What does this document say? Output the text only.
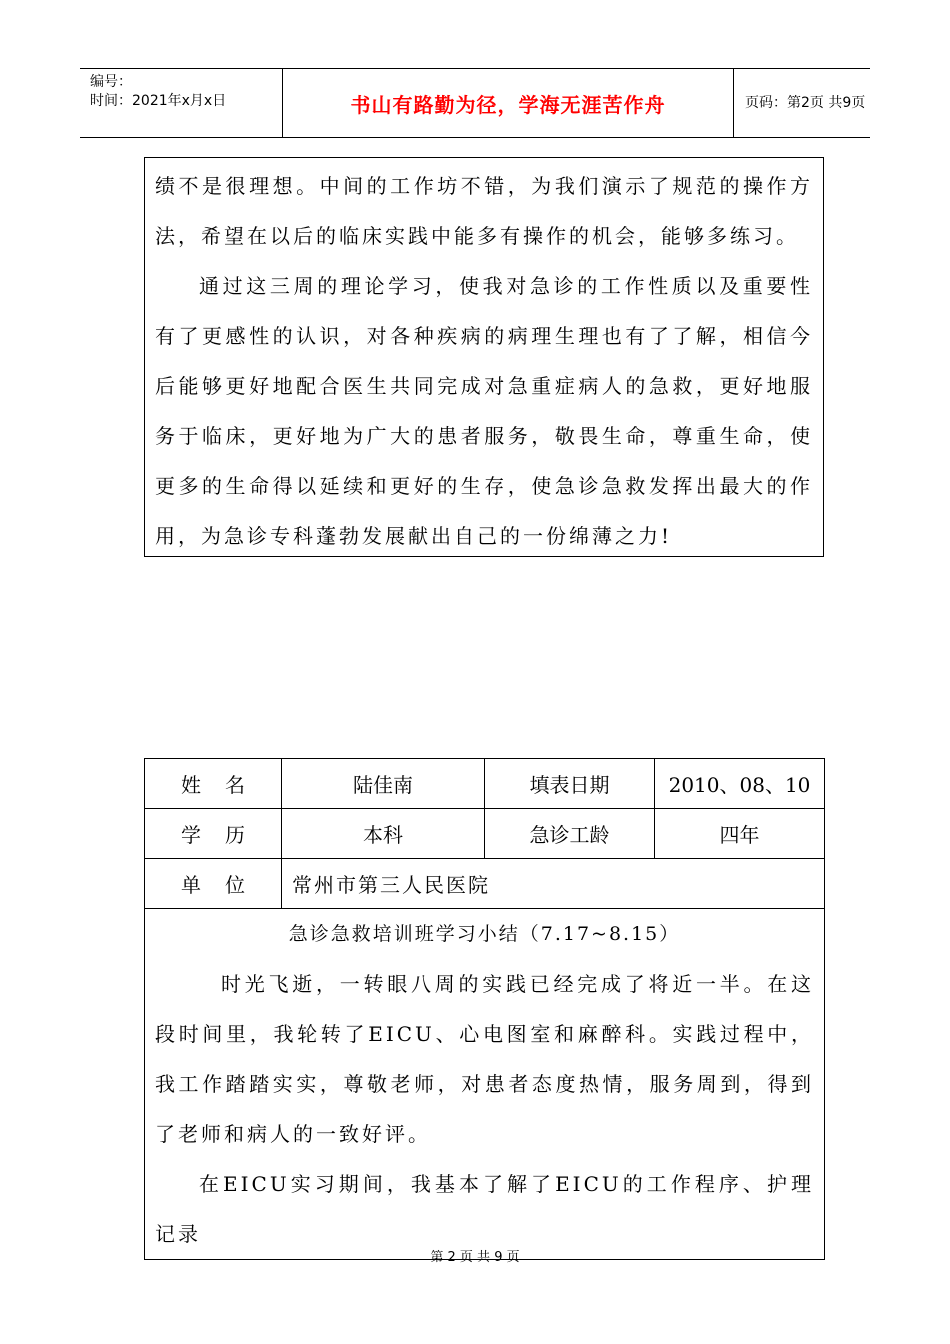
编号：
时间：2021年x月x日	书山有路勤为径，学海无涯苦作舟	页码：第2页 共9页

绩不是很理想。中间的工作坊不错，为我们演示了规范的操作方法，希望在以后的临床实践中能多有操作的机会，能够多练习。

通过这三周的理论学习，使我对急诊的工作性质以及重要性有了更感性的认识，对各种疾病的病理生理也有了了解，相信今后能够更好地配合医生共同完成对急重症病人的急救，更好地服务于临床，更好地为广大的患者服务，敬畏生命，尊重生命，使更多的生命得以延续和更好的生存，使急诊急救发挥出最大的作用，为急诊专科蓬勃发展献出自己的一份绵薄之力!

姓名	陆佳南	填表日期	2010、08、10
学历	本科	急诊工龄	四年
单位	常州市第三人民医院		

急诊急救培训班学习小结（7.17~8.15）

时光飞逝，一转眼八周的实践已经完成了将近一半。在这段时间里，我轮转了EICU、心电图室和麻醉科。实践过程中，我工作踏踏实实，尊敬老师，对患者态度热情，服务周到，得到了老师和病人的一致好评。

在EICU实习期间，我基本了解了EICU的工作程序、护理记录			

第 2 页 共 9 页
